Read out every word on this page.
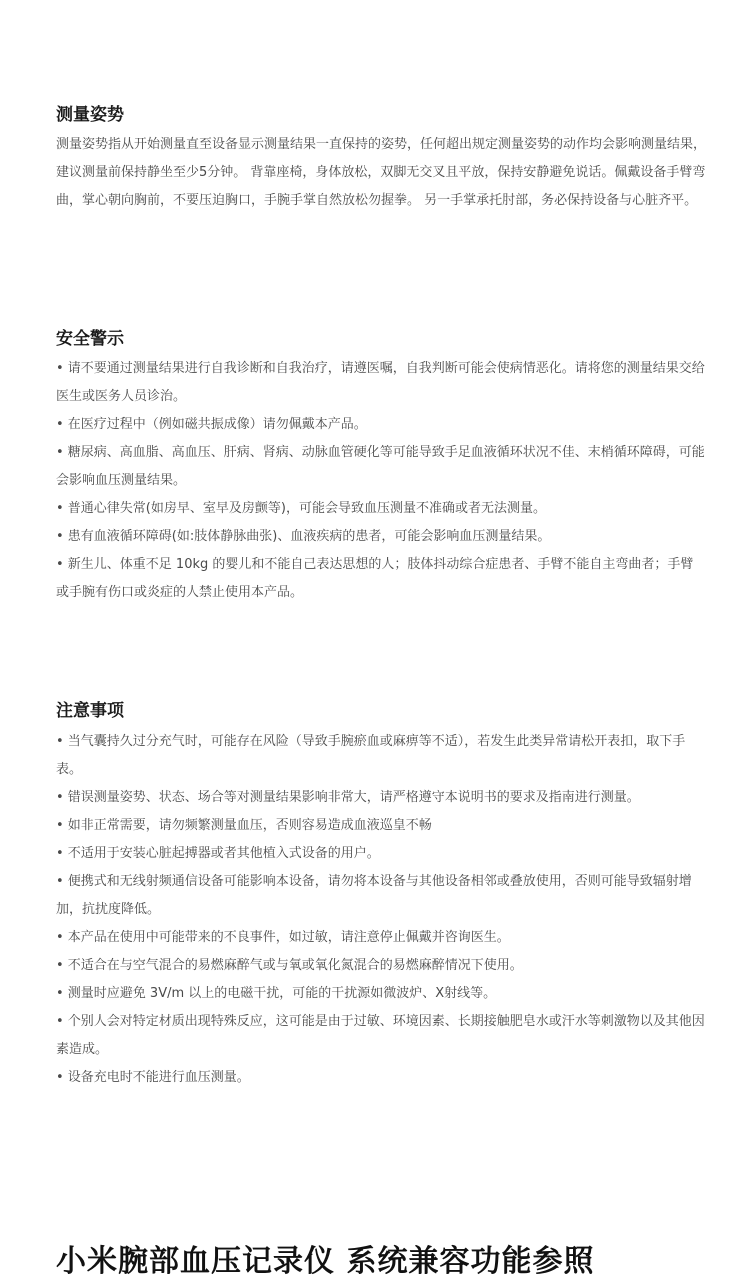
测量姿势

测量姿势指从开始测量直至设备显示测量结果一直保持的姿势，任何超出规定测量姿势的动作均会影响测量结果，建议测量前保持静坐至少5分钟。 背靠座椅，身体放松，双脚无交叉且平放，保持安静避免说话。佩戴设备手臂弯曲，掌心朝向胸前，不要压迫胸口，手腕手掌自然放松勿握拳。 另一手掌承托肘部，务必保持设备与心脏齐平。

安全警示

• 请不要通过测量结果进行自我诊断和自我治疗，请遵医嘱，自我判断可能会使病情恶化。请将您的测量结果交给医生或医务人员诊治。

• 在医疗过程中（例如磁共振成像）请勿佩戴本产品。

• 糖尿病、高血脂、高血压、肝病、肾病、动脉血管硬化等可能导致手足血液循环状况不佳、末梢循环障碍，可能会影响血压测量结果。

• 普通心律失常(如房早、室早及房颤等)，可能会导致血压测量不准确或者无法测量。

• 患有血液循环障碍(如:肢体静脉曲张)、血液疾病的患者，可能会影响血压测量结果。

• 新生儿、体重不足 10kg 的婴儿和不能自己表达思想的人；肢体抖动综合症患者、手臂不能自主弯曲者；手臂或手腕有伤口或炎症的人禁止使用本产品。

注意事项

• 当气囊持久过分充气时，可能存在风险（导致手腕瘀血或麻痹等不适），若发生此类异常请松开表扣，取下手表。

• 错误测量姿势、状态、场合等对测量结果影响非常大，请严格遵守本说明书的要求及指南进行测量。

• 如非正常需要，请勿频繁测量血压，否则容易造成血液巡皇不畅

• 不适用于安装心脏起搏器或者其他植入式设备的用户。

• 便携式和无线射频通信设备可能影响本设备，请勿将本设备与其他设备相邻或叠放使用，否则可能导致辐射增加，抗扰度降低。

• 本产品在使用中可能带来的不良事件，如过敏，请注意停止佩戴并咨询医生。

• 不适合在与空气混合的易燃麻醉气或与氧或氧化氮混合的易燃麻醉情况下使用。

• 测量时应避免 3V/m 以上的电磁干扰，可能的干扰源如微波炉、X射线等。

• 个别人会对特定材质出现特殊反应，这可能是由于过敏、环境因素、长期接触肥皂水或汗水等刺激物以及其他因素造成。

• 设备充电时不能进行血压测量。

小米腕部血压记录仪 系统兼容功能参照
